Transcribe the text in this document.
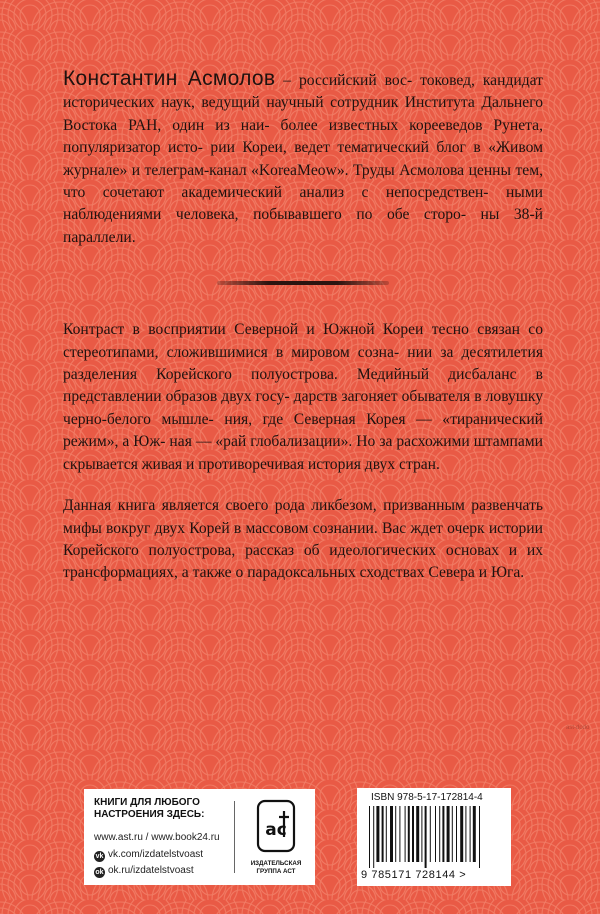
Константин Асмолов – российский вос- токовед, кандидат исторических наук, ведущий научный сотрудник Института Дальнего Востока РАН, один из наи- более известных корееведов Рунета, популяризатор исто- рии Кореи, ведет тематический блог в «Живом журнале» и телеграм-канал «KoreaMeow». Труды Асмолова ценны тем, что сочетают академический анализ с непосредствен- ными наблюдениями человека, побывавшего по обе сторо- ны 38-й параллели.

Контраст в восприятии Северной и Южной Кореи тесно связан со стереотипами, сложившимися в мировом созна- нии за десятилетия разделения Корейского полуострова. Медийный дисбаланс в представлении образов двух госу- дарств загоняет обывателя в ловушку черно-белого мышле- ния, где Северная Корея — «тиранический режим», а Юж- ная — «рай глобализации». Но за расхожими штампами скрывается живая и противоречивая история двух стран.

Данная книга является своего рода ликбезом, призванным развенчать мифы вокруг двух Корей в массовом сознании. Вас ждет очерк истории Корейского полуострова, рассказ об идеологических основах и их трансформациях, а также о парадоксальных сходствах Севера и Юга.

ast-dodo
КНИГИ ДЛЯ ЛЮБОГО
НАСТРОЕНИЯ ЗДЕСЬ:
www.ast.ru / www.book24.ru
vk vk.com/izdatelstvoast
ok ok.ru/izdatelstvoast
ac
ИЗДАТЕЛЬСКАЯ
ГРУППА АСТ
ISBN 978-5-17-172814-4
9 785171 728144 >
